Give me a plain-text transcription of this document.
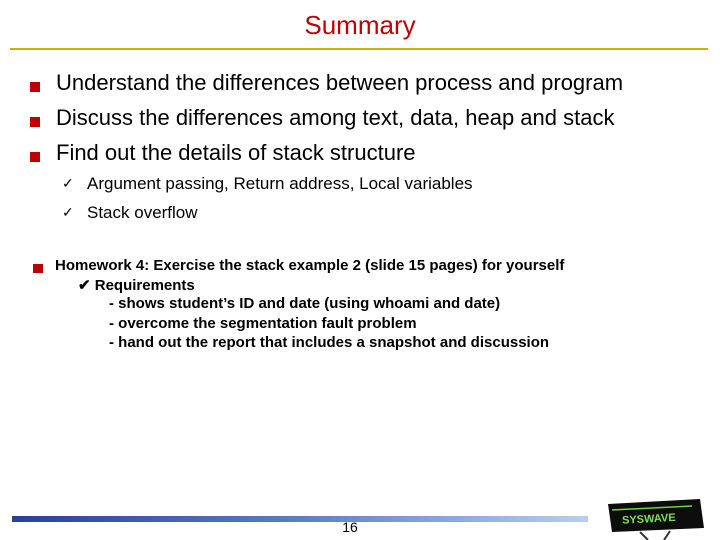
Summary
Understand the differences between process and program
Discuss the differences among text, data, heap and stack
Find out the details of stack structure
✓ Argument passing, Return address, Local variables
✓ Stack overflow
Homework 4: Exercise the stack example 2 (slide 15 pages) for yourself
✔ Requirements
- shows student’s ID and date (using whoami and date)
- overcome the segmentation fault problem
- hand out the report that includes a snapshot and discussion
16	SYSWAVE
